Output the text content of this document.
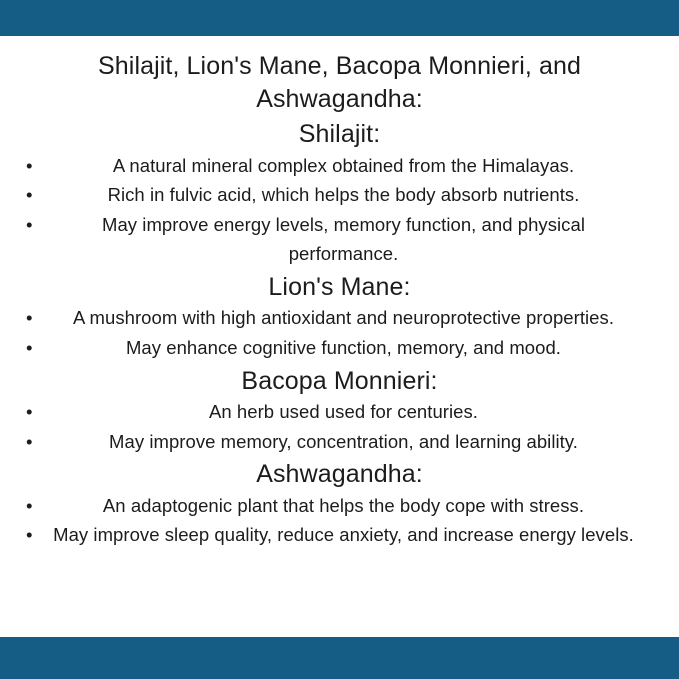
Shilajit, Lion's Mane, Bacopa Monnieri, and
Ashwagandha:
Shilajit:
•	A natural mineral complex obtained from the Himalayas.
•	Rich in fulvic acid, which helps the body absorb nutrients.
•	May improve energy levels, memory function, and physical performance.
Lion's Mane:
• A mushroom with high antioxidant and neuroprotective properties.
•	May enhance cognitive function, memory, and mood.
Bacopa Monnieri:
•	An herb used used for centuries.
•	May improve memory, concentration, and learning ability.
Ashwagandha:
•	An adaptogenic plant that helps the body cope with stress.
• May improve sleep quality, reduce anxiety, and increase energy levels.
